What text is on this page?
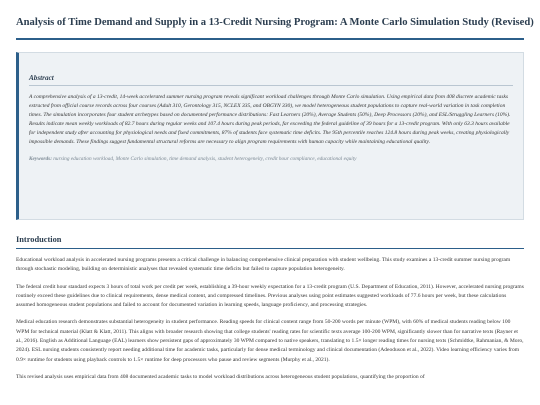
Analysis of Time Demand and Supply in a 13-Credit Nursing Program: A Monte Carlo Simulation Study (Revised)
Abstract

A comprehensive analysis of a 13-credit, 14-week accelerated summer nursing program reveals significant workload challenges through Monte Carlo simulation. Using empirical data from 408 discrete academic tasks extracted from official course records across four courses (Adult 310, Gerontology 315, NCLEX 335, and OBGYN 330), we model heterogeneous student populations to capture real-world variation in task completion times. The simulation incorporates four student archetypes based on documented performance distributions: Fast Learners (20%), Average Students (50%), Deep Processors (20%), and ESL/Struggling Learners (10%). Results indicate mean weekly workloads of 82.7 hours during regular weeks and 107.4 hours during peak periods, far exceeding the federal guideline of 39 hours for a 13-credit program. With only 63.3 hours available for independent study after accounting for physiological needs and fixed commitments, 87% of students face systematic time deficits. The 95th percentile reaches 124.8 hours during peak weeks, creating physiologically impossible demands. These findings suggest fundamental structural reforms are necessary to align program requirements with human capacity while maintaining educational quality.

Keywords: nursing education workload, Monte Carlo simulation, time demand analysis, student heterogeneity, credit hour compliance, educational equity

Introduction

Educational workload analysis in accelerated nursing programs presents a critical challenge in balancing comprehensive clinical preparation with student wellbeing. This study examines a 13-credit summer nursing program through stochastic modeling, building on deterministic analyses that revealed systematic time deficits but failed to capture population heterogeneity.

The federal credit hour standard expects 3 hours of total work per credit per week, establishing a 39-hour weekly expectation for a 13-credit program (U.S. Department of Education, 2011). However, accelerated nursing programs routinely exceed these guidelines due to clinical requirements, dense medical content, and compressed timelines. Previous analyses using point estimates suggested workloads of 77.6 hours per week, but these calculations assumed homogeneous student populations and failed to account for documented variation in learning speeds, language proficiency, and processing strategies.

Medical education research demonstrates substantial heterogeneity in student performance. Reading speeds for clinical content range from 50-200 words per minute (WPM), with 60% of medical students reading below 100 WPM for technical material (Klatt & Klatt, 2011). This aligns with broader research showing that college students' reading rates for scientific texts average 100-200 WPM, significantly slower than for narrative texts (Rayner et al., 2016). English as Additional Language (EAL) learners show persistent gaps of approximately 30 WPM compared to native speakers, translating to 1.5× longer reading times for nursing texts (Schmidtke, Rahmanian, & Moro, 2024). ESL nursing students consistently report needing additional time for academic tasks, particularly for dense medical terminology and clinical documentation (Adeoduson et al., 2022). Video learning efficiency varies from 0.9× runtime for students using playback controls to 1.5× runtime for deep processors who pause and review segments (Murphy et al., 2021).

This revised analysis uses empirical data from 408 documented academic tasks to model workload distributions across heterogeneous student populations, quantifying the proportion of
